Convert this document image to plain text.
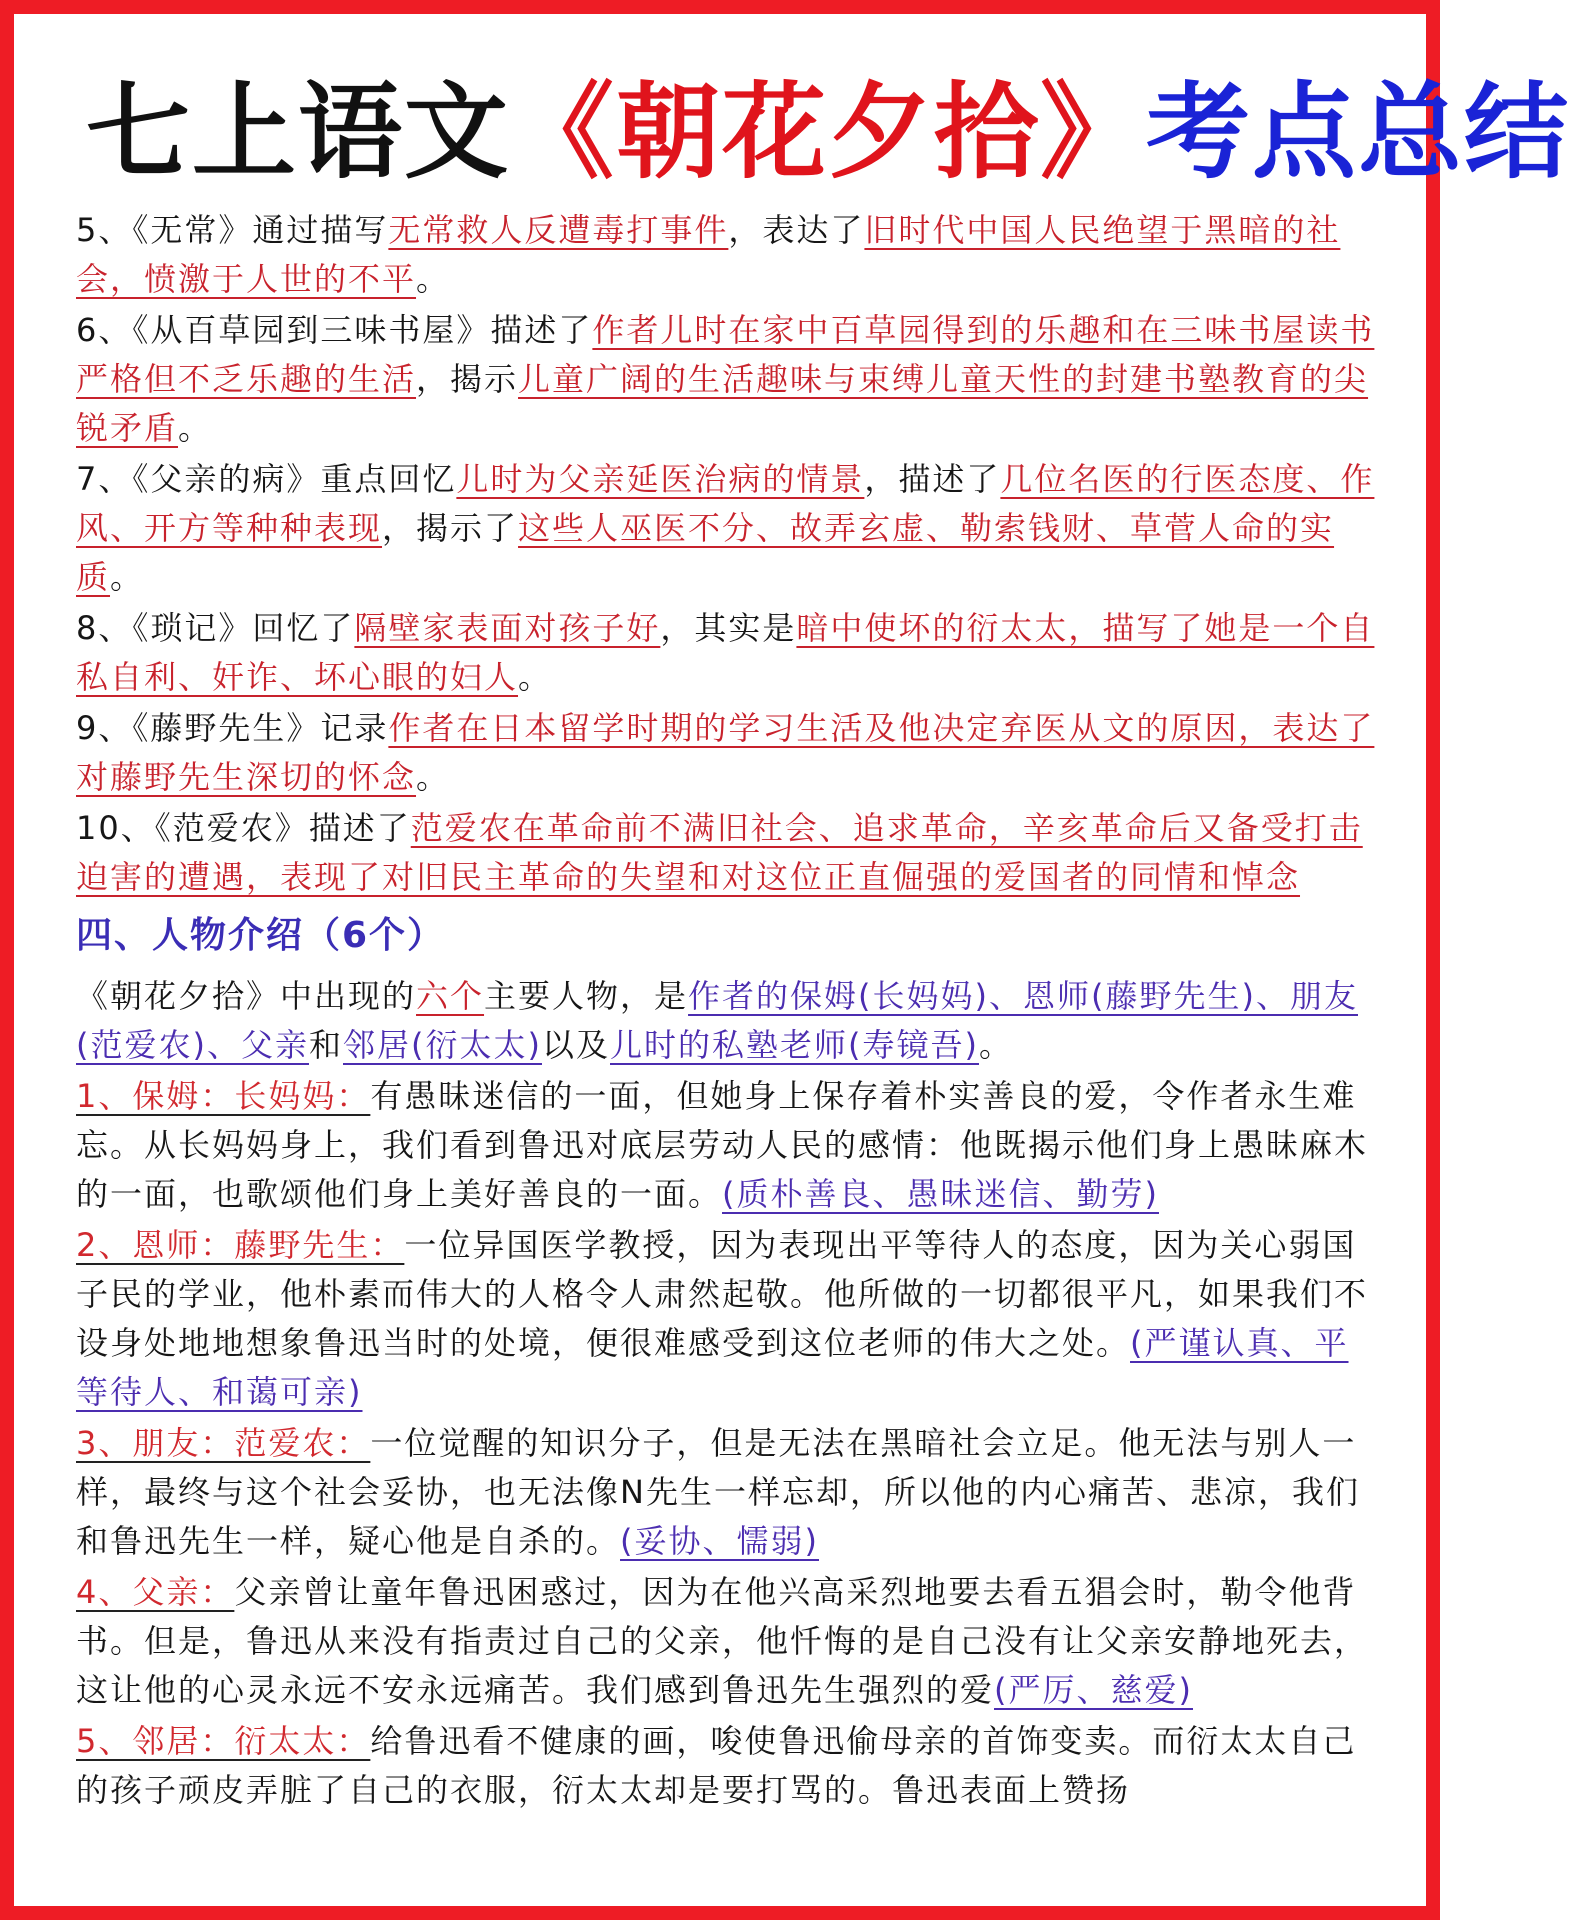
七上语文《朝花夕拾》考点总结
5、《无常》通过描写无常救人反遭毒打事件，表达了旧时代中国人民绝望于黑暗的社会，愤激于人世的不平。
6、《从百草园到三味书屋》描述了作者儿时在家中百草园得到的乐趣和在三味书屋读书严格但不乏乐趣的生活，揭示儿童广阔的生活趣味与束缚儿童天性的封建书塾教育的尖锐矛盾。
7、《父亲的病》重点回忆儿时为父亲延医治病的情景，描述了几位名医的行医态度、作风、开方等种种表现，揭示了这些人巫医不分、故弄玄虚、勒索钱财、草菅人命的实质。
8、《琐记》回忆了隔壁家表面对孩子好，其实是暗中使坏的衍太太，描写了她是一个自私自利、奸诈、坏心眼的妇人。
9、《藤野先生》记录作者在日本留学时期的学习生活及他决定弃医从文的原因，表达了对藤野先生深切的怀念。
10、《范爱农》描述了范爱农在革命前不满旧社会、追求革命，辛亥革命后又备受打击迫害的遭遇，表现了对旧民主革命的失望和对这位正直倔强的爱国者的同情和悼念
四、人物介绍（6个）
《朝花夕拾》中出现的六个主要人物，是作者的保姆(长妈妈)、恩师(藤野先生)、朋友(范爱农)、父亲和邻居(衍太太)以及儿时的私塾老师(寿镜吾)。
1、保姆：长妈妈：有愚昧迷信的一面，但她身上保存着朴实善良的爱，令作者永生难忘。从长妈妈身上，我们看到鲁迅对底层劳动人民的感情：他既揭示他们身上愚昧麻木的一面，也歌颂他们身上美好善良的一面。(质朴善良、愚昧迷信、勤劳)
2、恩师：藤野先生：一位异国医学教授，因为表现出平等待人的态度，因为关心弱国子民的学业，他朴素而伟大的人格令人肃然起敬。他所做的一切都很平凡，如果我们不设身处地地想象鲁迅当时的处境，便很难感受到这位老师的伟大之处。(严谨认真、平等待人、和蔼可亲)
3、朋友：范爱农：一位觉醒的知识分子，但是无法在黑暗社会立足。他无法与别人一样，最终与这个社会妥协，也无法像N先生一样忘却，所以他的内心痛苦、悲凉，我们和鲁迅先生一样，疑心他是自杀的。(妥协、懦弱)
4、父亲：父亲曾让童年鲁迅困惑过，因为在他兴高采烈地要去看五猖会时，勒令他背书。但是，鲁迅从来没有指责过自己的父亲，他忏悔的是自己没有让父亲安静地死去，这让他的心灵永远不安永远痛苦。我们感到鲁迅先生强烈的爱(严厉、慈爱)
5、邻居：衍太太：给鲁迅看不健康的画，唆使鲁迅偷母亲的首饰变卖。而衍太太自己的孩子顽皮弄脏了自己的衣服，衍太太却是要打骂的。鲁迅表面上赞扬
